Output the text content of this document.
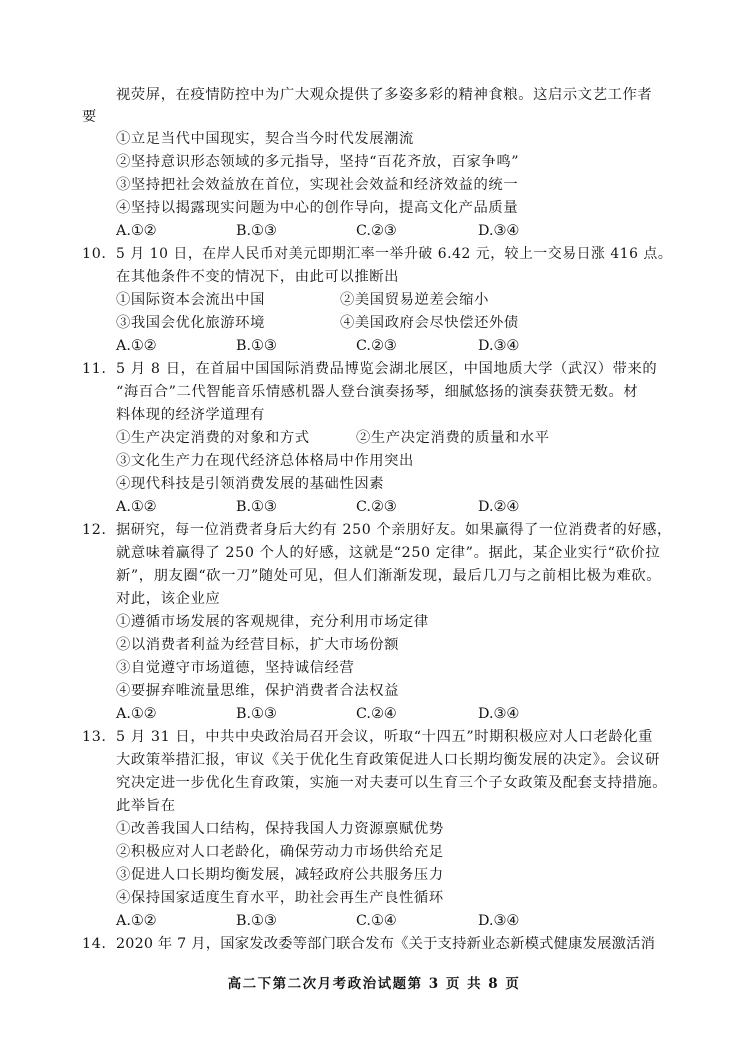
视荧屏，在疫情防控中为广大观众提供了多姿多彩的精神食粮。这启示文艺工作者
要
①立足当代中国现实，契合当今时代发展潮流
②坚持意识形态领域的多元指导，坚持“百花齐放，百家争鸣”
③坚持把社会效益放在首位，实现社会效益和经济效益的统一
④坚持以揭露现实问题为中心的创作导向，提高文化产品质量
A.①②	B.①③	C.②③	D.③④
10. 5 月 10 日，在岸人民币对美元即期汇率一举升破 6.42 元，较上一交易日涨 416 点。
在其他条件不变的情况下，由此可以推断出
①国际资本会流出中国	②美国贸易逆差会缩小
③我国会优化旅游环境	④美国政府会尽快偿还外债
A.①②	B.①③	C.②③	D.③④
11. 5 月 8 日，在首届中国国际消费品博览会湖北展区，中国地质大学（武汉）带来的
“海百合”二代智能音乐情感机器人登台演奏扬琴，细腻悠扬的演奏获赞无数。材
料体现的经济学道理有
①生产决定消费的对象和方式	②生产决定消费的质量和水平
③文化生产力在现代经济总体格局中作用突出
④现代科技是引领消费发展的基础性因素
A.①②	B.①③	C.②③	D.②④
12. 据研究，每一位消费者身后大约有 250 个亲朋好友。如果赢得了一位消费者的好感，
就意味着赢得了 250 个人的好感，这就是“250 定律”。据此，某企业实行“砍价拉
新”，朋友圈“砍一刀”随处可见，但人们渐渐发现，最后几刀与之前相比极为难砍。
对此，该企业应
①遵循市场发展的客观规律，充分利用市场定律
②以消费者利益为经营目标，扩大市场份额
③自觉遵守市场道德，坚持诚信经营
④要摒弃唯流量思维，保护消费者合法权益
A.①②	B.①③	C.②④	D.③④
13. 5 月 31 日，中共中央政治局召开会议，听取“十四五”时期积极应对人口老龄化重
大政策举措汇报，审议《关于优化生育政策促进人口长期均衡发展的决定》。会议研
究决定进一步优化生育政策，实施一对夫妻可以生育三个子女政策及配套支持措施。
此举旨在
①改善我国人口结构，保持我国人力资源禀赋优势
②积极应对人口老龄化，确保劳动力市场供给充足
③促进人口长期均衡发展，减轻政府公共服务压力
④保持国家适度生育水平，助社会再生产良性循环
A.①②	B.①③	C.①④	D.③④
14. 2020 年 7 月，国家发改委等部门联合发布《关于支持新业态新模式健康发展激活消
高二下第二次月考政治试题第 3 页 共 8 页
